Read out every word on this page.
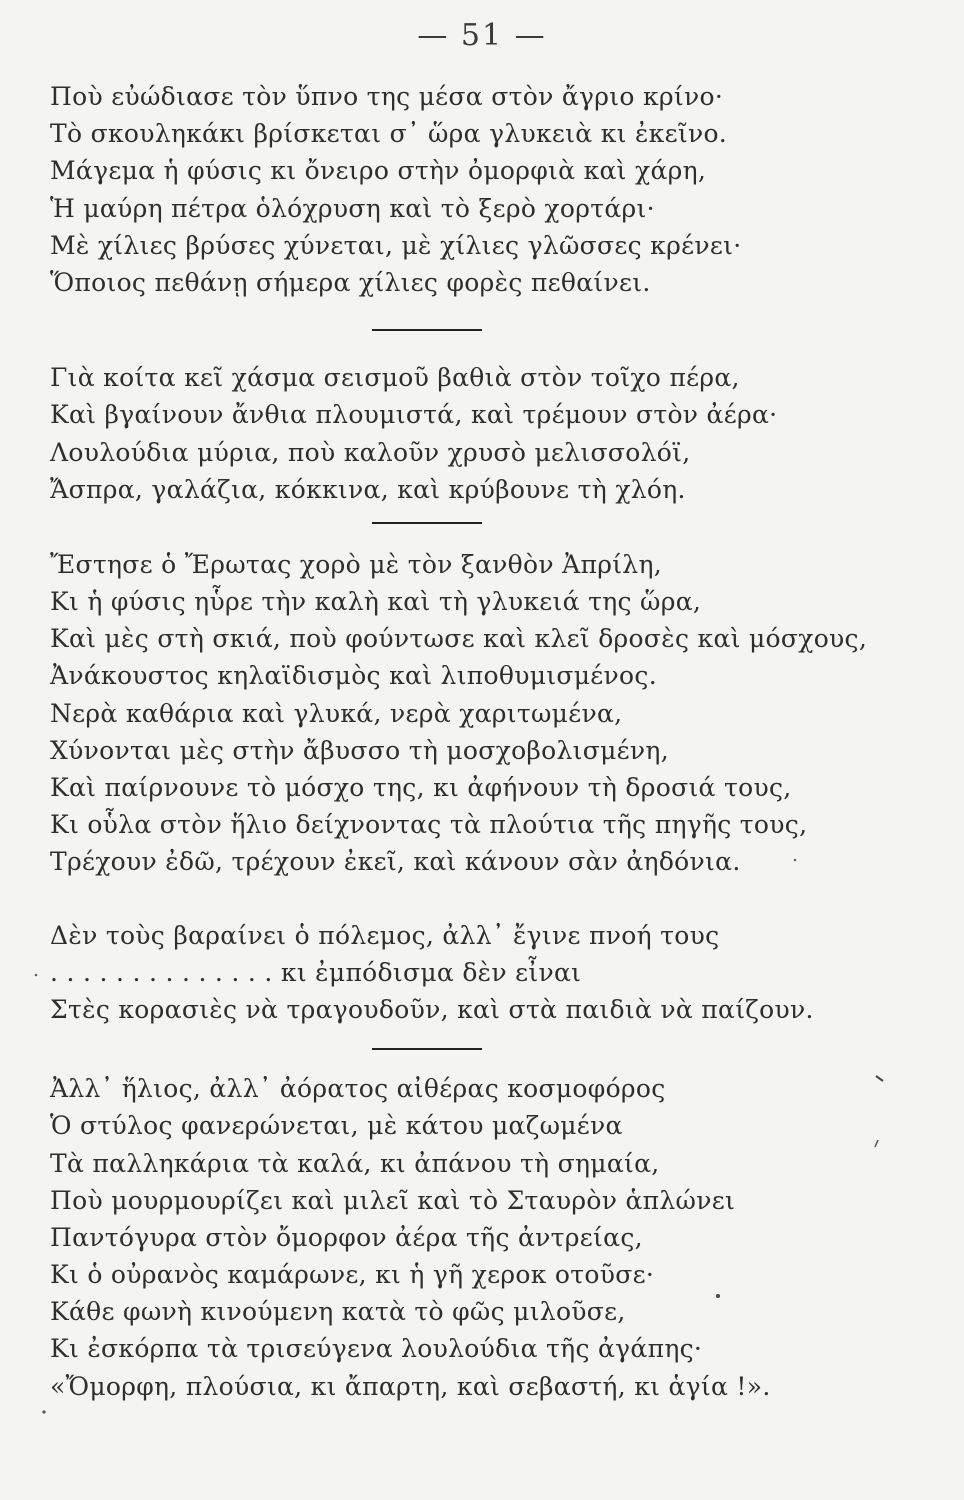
— 51 —
Ποὺ εὐώδιασε τὸν ὕπνο της μέσα στὸν ἄγριο κρίνο·
Τὸ σκουληκάκι βρίσκεται σ᾿ ὥρα γλυκειὰ κι ἐκεῖνο.
Μάγεμα ἡ φύσις κι ὄνειρο στὴν ὀμορφιὰ καὶ χάρη,
Ἡ μαύρη πέτρα ὁλόχρυση καὶ τὸ ξερὸ χορτάρι·
Μὲ χίλιες βρύσες χύνεται, μὲ χίλιες γλῶσσες κρένει·
Ὅποιος πεθάνῃ σήμερα χίλιες φορὲς πεθαίνει.
Γιὰ κοίτα κεῖ χάσμα σεισμοῦ βαθιὰ στὸν τοῖχο πέρα,
Καὶ βγαίνουν ἄνθια πλουμιστά, καὶ τρέμουν στὸν ἀέρα·
Λουλούδια μύρια, ποὺ καλοῦν χρυσὸ μελισσολόϊ,
Ἄσπρα, γαλάζια, κόκκινα, καὶ κρύβουνε τὴ χλόη.
Ἔστησε ὁ Ἔρωτας χορὸ μὲ τὸν ξανθὸν Ἀπρίλη,
Κι ἡ φύσις ηὗρε τὴν καλὴ καὶ τὴ γλυκειά της ὥρα,
Καὶ μὲς στὴ σκιά, ποὺ φούντωσε καὶ κλεῖ δροσὲς καὶ μόσχους,
Ἀνάκουστος κηλαϊδισμὸς καὶ λιποθυμισμένος.
Νερὰ καθάρια καὶ γλυκά, νερὰ χαριτωμένα,
Χύνονται μὲς στὴν ἄβυσσο τὴ μοσχοβολισμένη,
Καὶ παίρνουνε τὸ μόσχο της, κι ἀφήνουν τὴ δροσιά τους,
Κι οὗλα στὸν ἥλιο δείχνοντας τὰ πλούτια τῆς πηγῆς τους,
Τρέχουν ἐδῶ, τρέχουν ἐκεῖ, καὶ κάνουν σὰν ἀηδόνια.
Δὲν τοὺς βαραίνει ὁ πόλεμος, ἀλλ᾿ ἔγινε πνοή τους
. . . . . . . . . . . . . . κι ἐμπόδισμα δὲν εἶναι
Στὲς κορασιὲς νὰ τραγουδοῦν, καὶ στὰ παιδιὰ νὰ παίζουν.
Ἀλλ᾿ ἥλιος, ἀλλ᾿ ἀόρατος αἰθέρας κοσμοφόρος
Ὁ στύλος φανερώνεται, μὲ κάτου μαζωμένα
Τὰ παλληκάρια τὰ καλά, κι ἀπάνου τὴ σημαία,
Ποὺ μουρμουρίζει καὶ μιλεῖ καὶ τὸ Σταυρὸν ἁπλώνει
Παντόγυρα στὸν ὄμορφον ἀέρα τῆς ἀντρείας,
Κι ὁ οὐρανὸς καμάρωνε, κι ἡ γῆ χεροκ οτοῦσε·
Κάθε φωνὴ κινούμενη κατὰ τὸ φῶς μιλοῦσε,
Κι ἐσκόρπα τὰ τρισεύγενα λουλούδια τῆς ἀγάπης·
«Ὄμορφη, πλούσια, κι ἄπαρτη, καὶ σεβαστή, κι ἁγία !».
